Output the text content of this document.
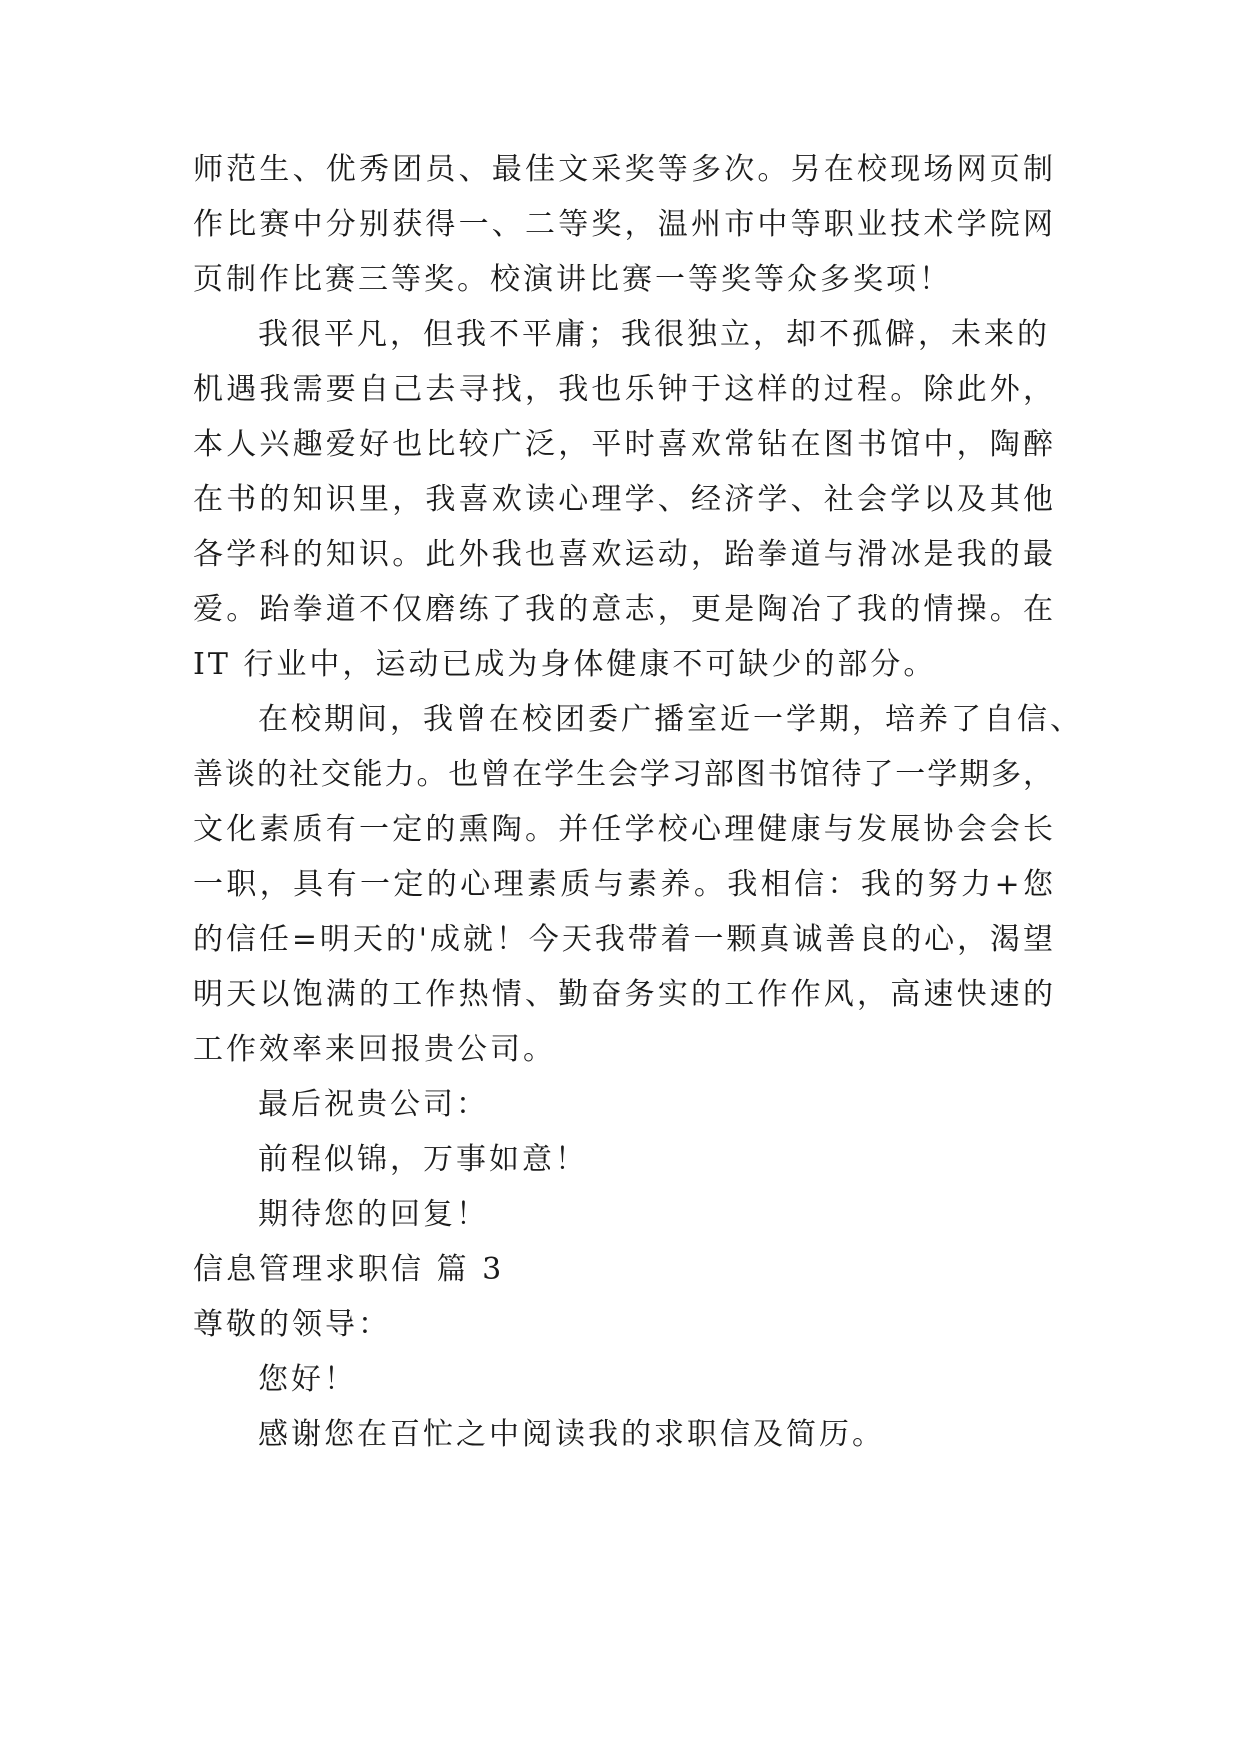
师范生、优秀团员、最佳文采奖等多次。另在校现场网页制
作比赛中分别获得一、二等奖，温州市中等职业技术学院网
页制作比赛三等奖。校演讲比赛一等奖等众多奖项！
我很平凡，但我不平庸；我很独立，却不孤僻，未来的
机遇我需要自己去寻找，我也乐钟于这样的过程。除此外，
本人兴趣爱好也比较广泛，平时喜欢常钻在图书馆中，陶醉
在书的知识里，我喜欢读心理学、经济学、社会学以及其他
各学科的知识。此外我也喜欢运动，跆拳道与滑冰是我的最
爱。跆拳道不仅磨练了我的意志，更是陶冶了我的情操。在
IT 行业中，运动已成为身体健康不可缺少的部分。
在校期间，我曾在校团委广播室近一学期，培养了自信、
善谈的社交能力。也曾在学生会学习部图书馆待了一学期多，
文化素质有一定的熏陶。并任学校心理健康与发展协会会长
一职，具有一定的心理素质与素养。我相信：我的努力+您
的信任=明天的'成就！今天我带着一颗真诚善良的心，渴望
明天以饱满的工作热情、勤奋务实的工作作风，高速快速的
工作效率来回报贵公司。
最后祝贵公司：
前程似锦，万事如意！
期待您的回复！
信息管理求职信 篇 3
尊敬的领导：
您好！
感谢您在百忙之中阅读我的求职信及简历。
